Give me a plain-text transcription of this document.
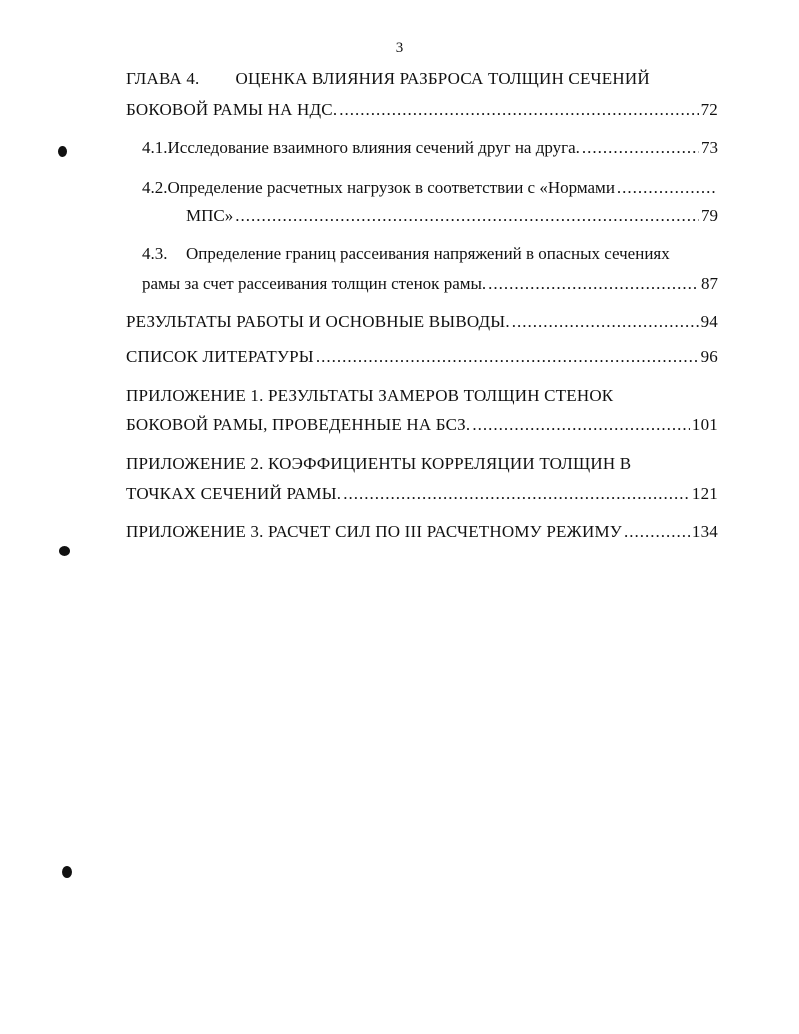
3
ГЛАВА 4. ОЦЕНКА ВЛИЯНИЯ РАЗБРОСА ТОЛЩИН СЕЧЕНИЙ
БОКОВОЙ РАМЫ НА НДС. .....	72
4.1. Исследование взаимного влияния сечений друг на друга. .....	73
4.2. Определение расчетных нагрузок в соответствии с «Нормами
.....
МПС» .....	79
4.3.	Определение границ рассеивания напряжений в опасных сечениях
рамы за счет рассеивания толщин стенок рамы. .....	87
РЕЗУЛЬТАТЫ РАБОТЫ И ОСНОВНЫЕ ВЫВОДЫ. .....	94
СПИСОК ЛИТЕРАТУРЫ .....	96
ПРИЛОЖЕНИЕ 1. РЕЗУЛЬТАТЫ ЗАМЕРОВ ТОЛЩИН СТЕНОК
БОКОВОЙ РАМЫ, ПРОВЕДЕННЫЕ НА БСЗ. .....	101
ПРИЛОЖЕНИЕ 2. КОЭФФИЦИЕНТЫ КОРРЕЛЯЦИИ ТОЛЩИН В
ТОЧКАХ СЕЧЕНИЙ РАМЫ. .....	121
ПРИЛОЖЕНИЕ 3. РАСЧЕТ СИЛ ПО III РАСЧЕТНОМУ РЕЖИМУ .....	134
